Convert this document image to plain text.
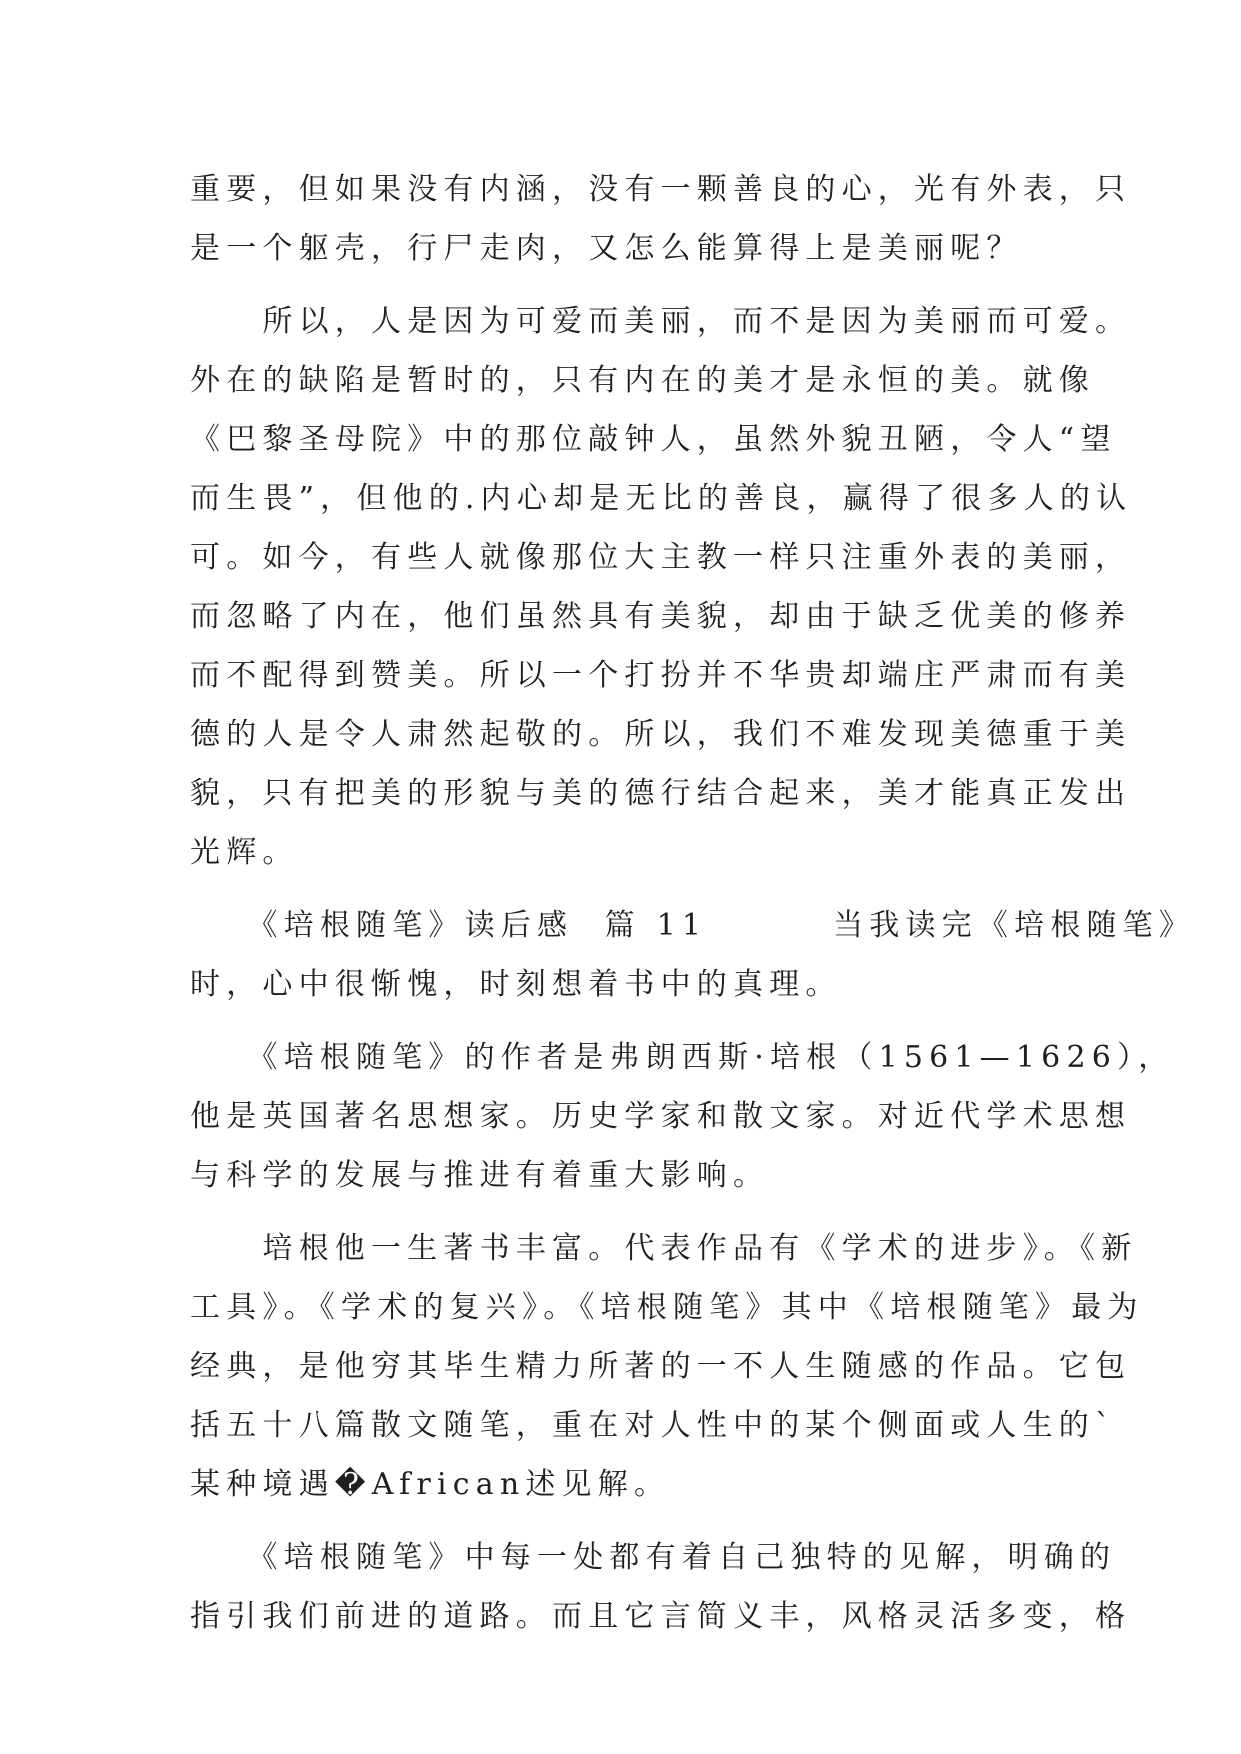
重要，但如果没有内涵，没有一颗善良的心，光有外表，只
是一个躯壳，行尸走肉，又怎么能算得上是美丽呢？
　　所以，人是因为可爱而美丽，而不是因为美丽而可爱。
外在的缺陷是暂时的，只有内在的美才是永恒的美。就像
《巴黎圣母院》中的那位敲钟人，虽然外貌丑陋，令人“望
而生畏”，但他的.内心却是无比的善良，赢得了很多人的认
可。如今，有些人就像那位大主教一样只注重外表的美丽，
而忽略了内在，他们虽然具有美貌，却由于缺乏优美的修养
而不配得到赞美。所以一个打扮并不华贵却端庄严肃而有美
德的人是令人肃然起敬的。所以，我们不难发现美德重于美
貌，只有把美的形貌与美的德行结合起来，美才能真正发出
光辉。
　　《培根随笔》读后感  篇 11        当我读完《培根随笔》
时，心中很惭愧，时刻想着书中的真理。
　　《培根随笔》的作者是弗朗西斯·培根（1561—1626），
他是英国著名思想家。历史学家和散文家。对近代学术思想
与科学的发展与推进有着重大影响。
　　培根他一生著书丰富。代表作品有《学术的进步》。《新
工具》。《学术的复兴》。《培根随笔》其中《培根随笔》最为
经典，是他穷其毕生精力所著的一不人生随感的作品。它包
括五十八篇散文随笔，重在对人性中的某个侧面或人生的`
某种境遇�African述见解。
　　《培根随笔》中每一处都有着自己独特的见解，明确的
指引我们前进的道路。而且它言简义丰，风格灵活多变，格
